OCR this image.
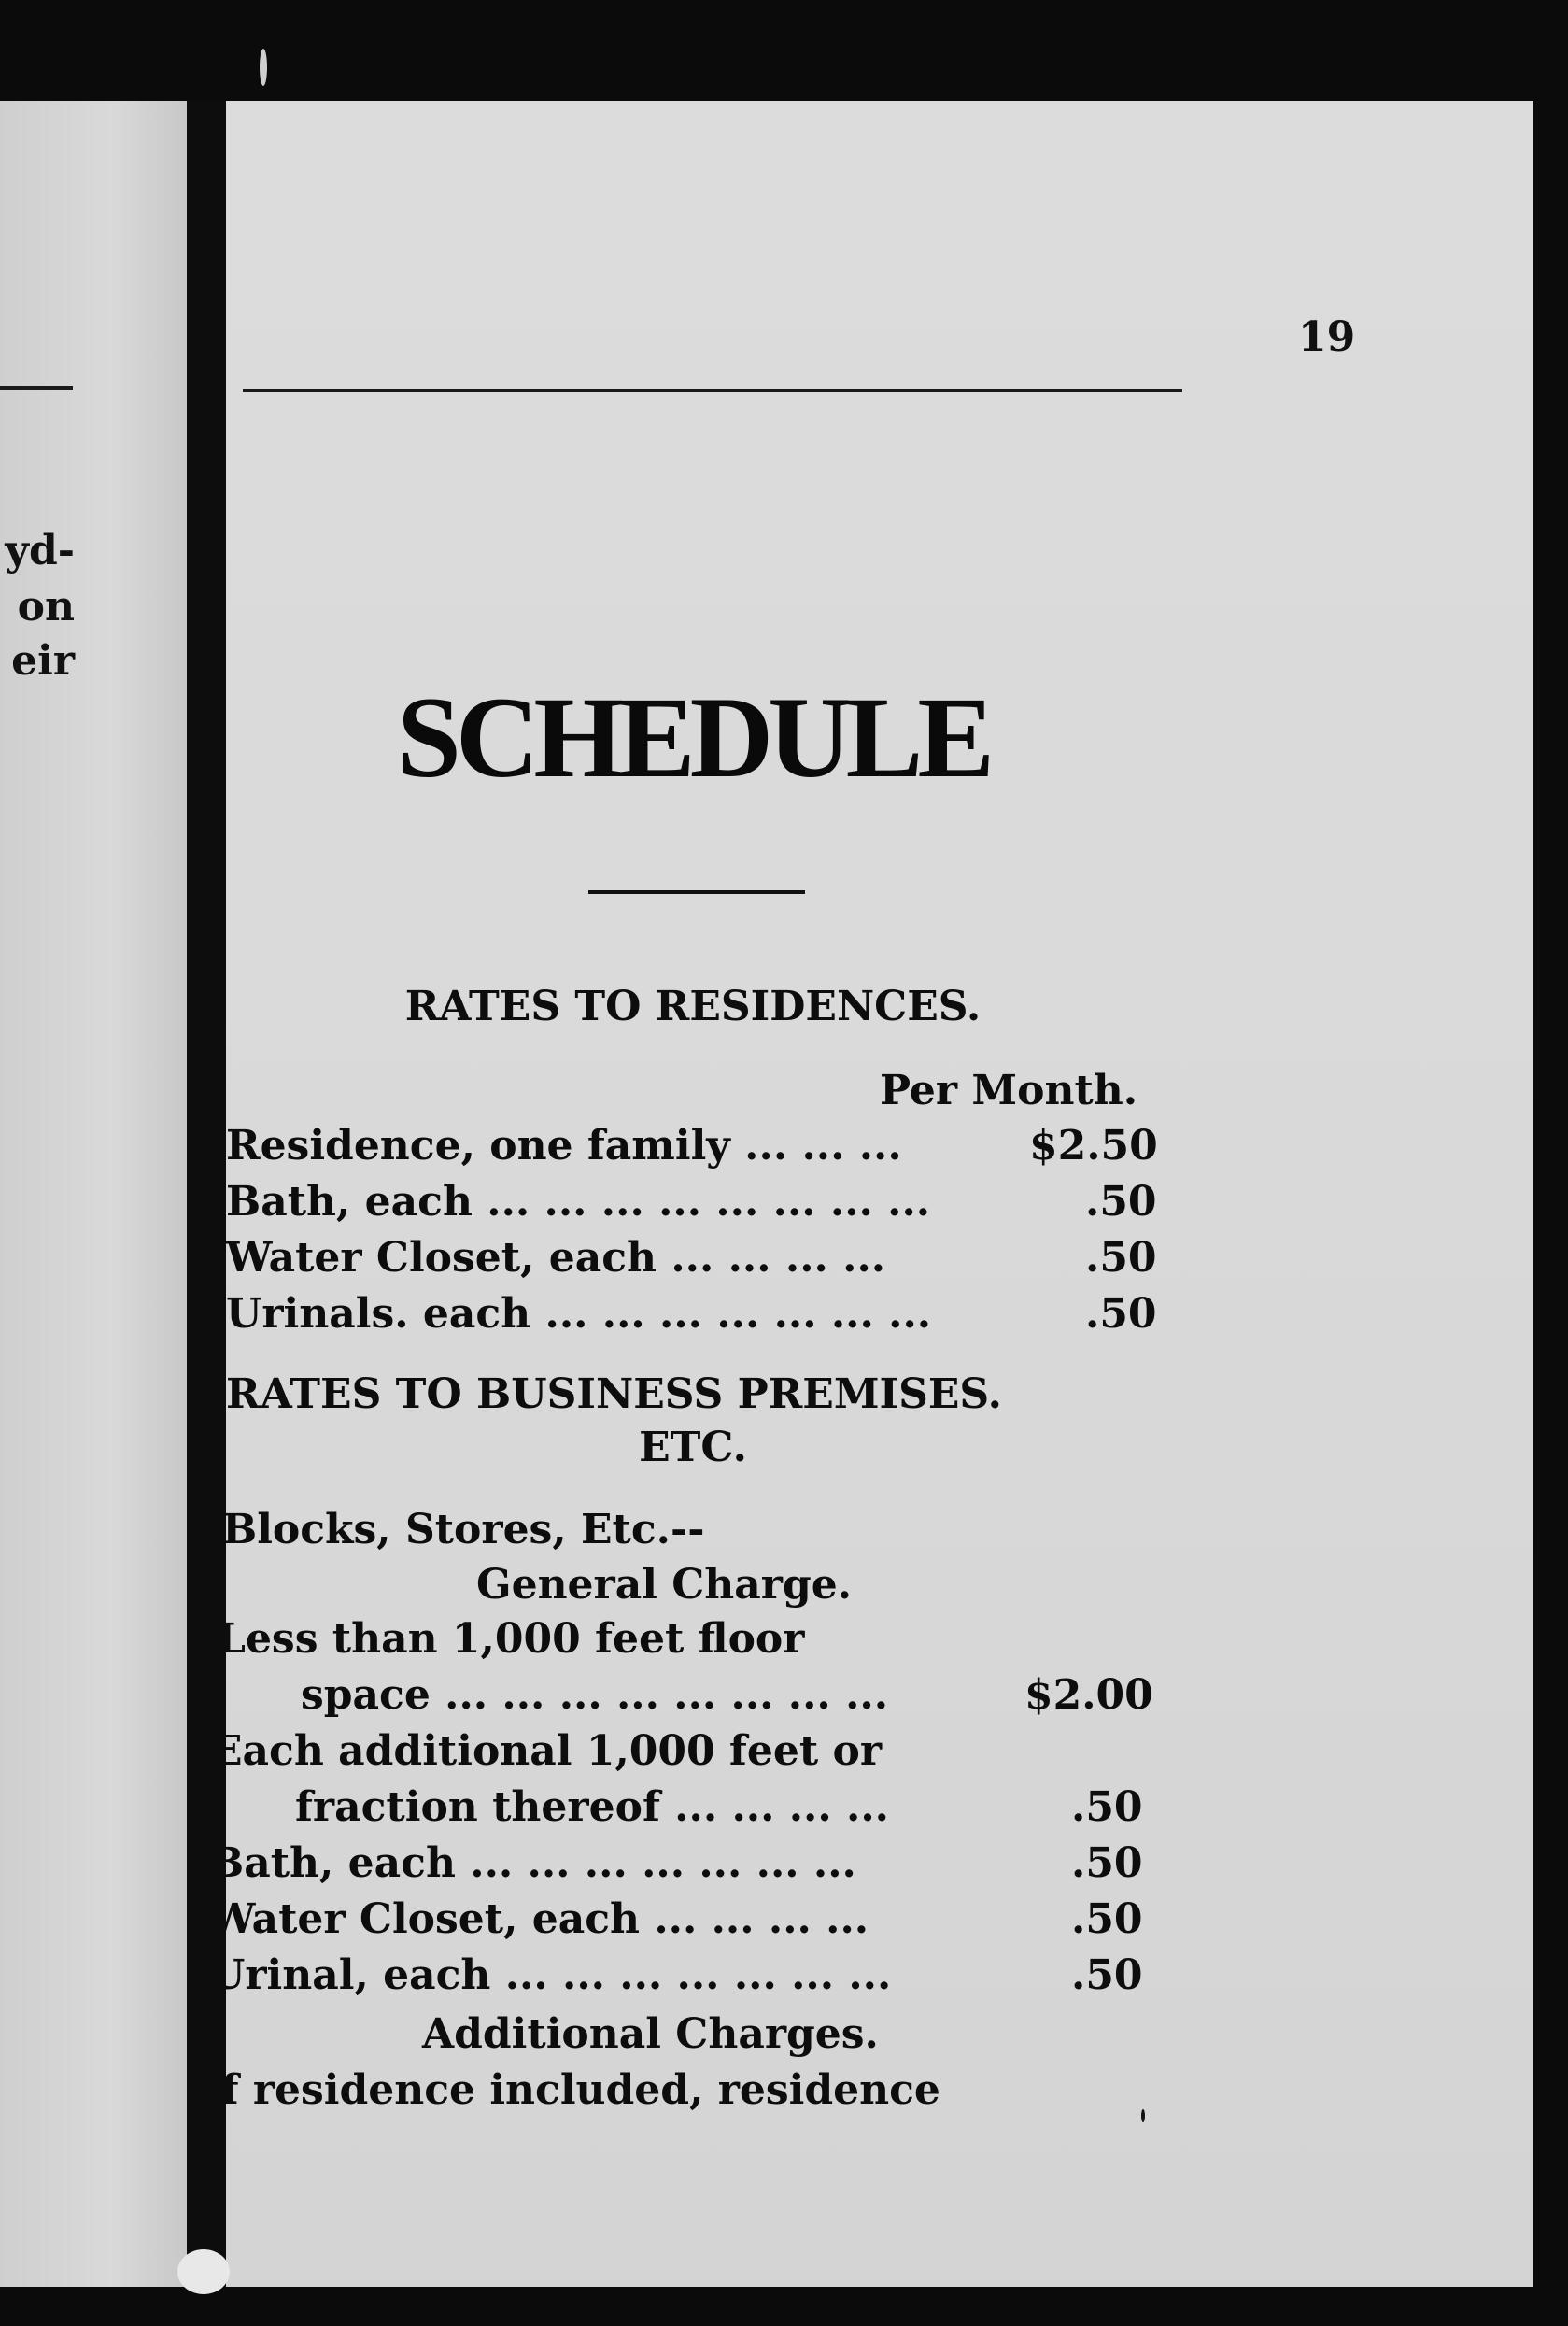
yd-
on
eir
19
SCHEDULE
RATES TO RESIDENCES.
Per Month.
Residence, one family ... ... ...	$2.50
Bath, each ... ... ... ... ... ... ... ...	.50
Water Closet, each ... ... ... ...	.50
Urinals. each ... ... ... ... ... ... ...	.50
RATES TO BUSINESS PREMISES.
ETC.
Blocks, Stores, Etc.--
General Charge.
Less than 1,000 feet floor
space ... ... ... ... ... ... ... ...	$2.00
Each additional 1,000 feet or
fraction thereof ... ... ... ...	.50
Bath, each ... ... ... ... ... ... ...	.50
Water Closet, each ... ... ... ...	.50
Urinal, each ... ... ... ... ... ... ...	.50
Additional Charges.
If residence included, residence
